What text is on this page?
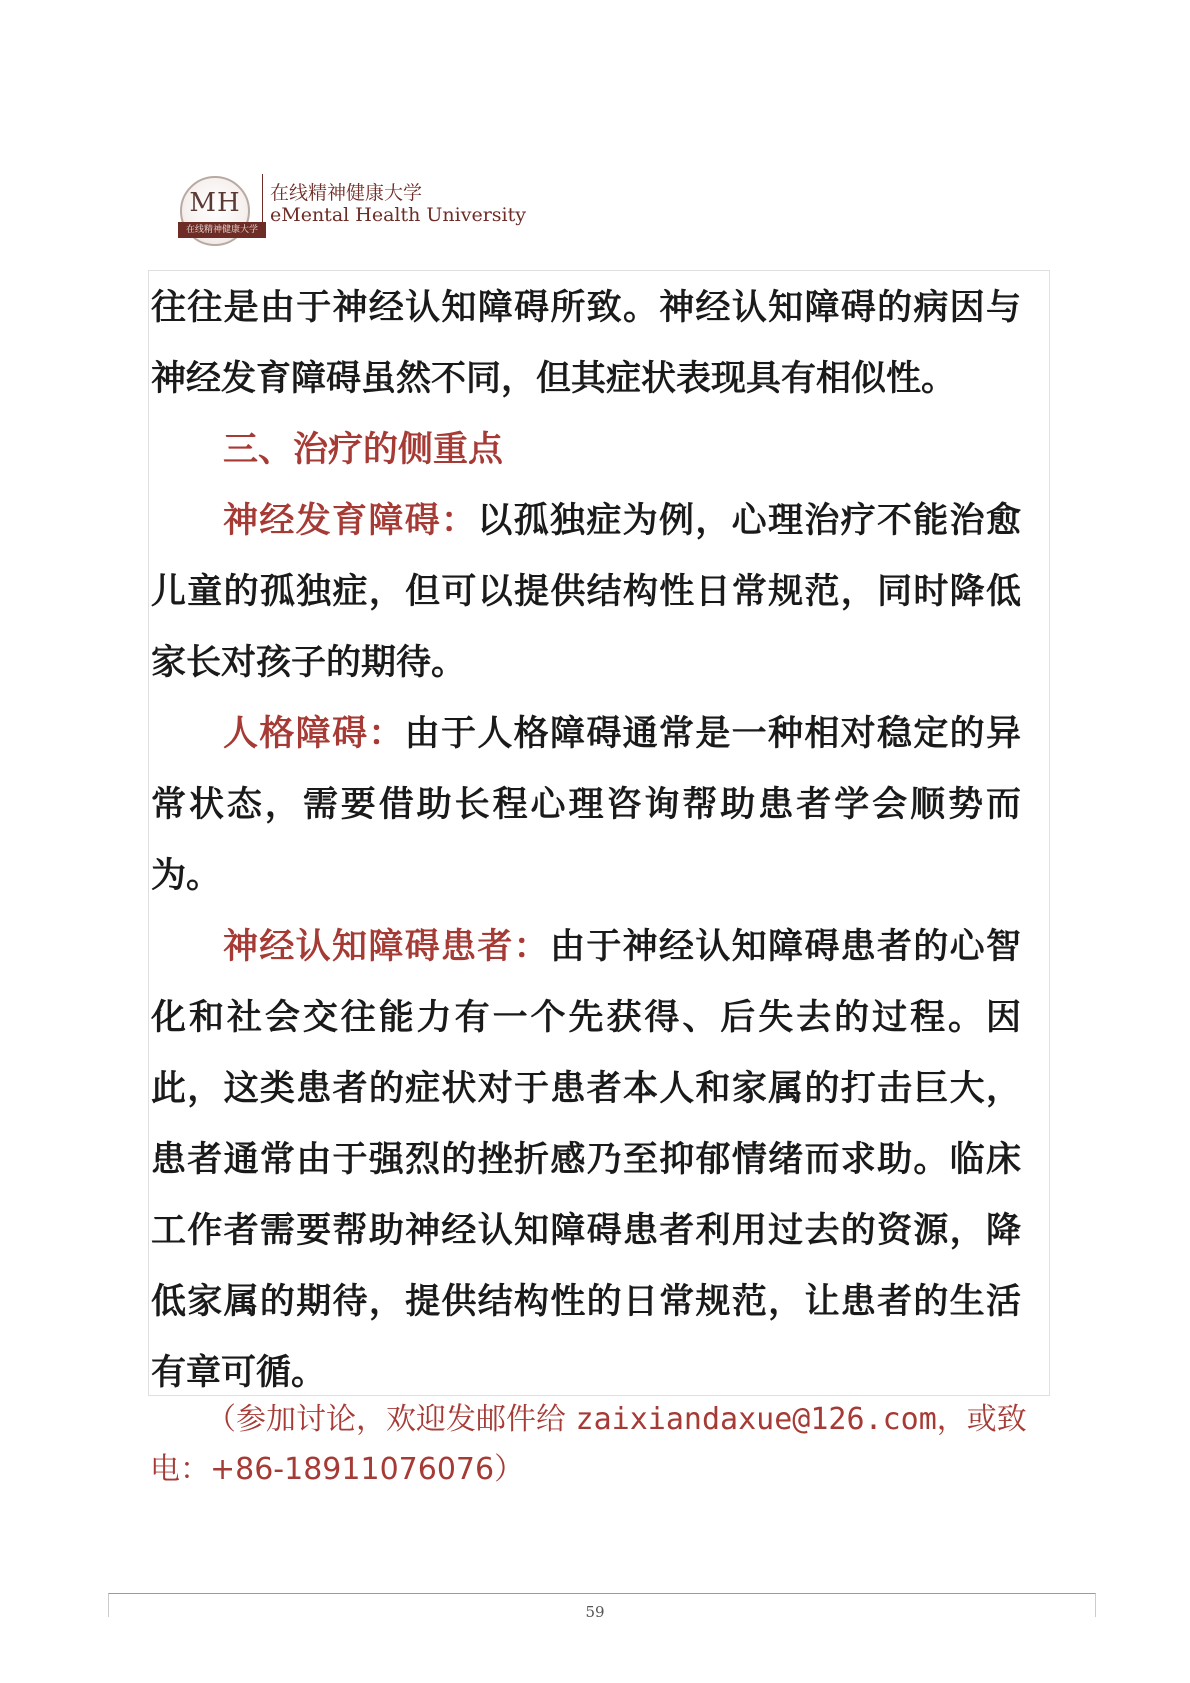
MH
在线精神健康大学
在线精神健康大学
eMental Health University

往往是由于神经认知障碍所致。神经认知障碍的病因与神经发育障碍虽然不同，但其症状表现具有相似性。

三、治疗的侧重点

神经发育障碍：以孤独症为例，心理治疗不能治愈儿童的孤独症，但可以提供结构性日常规范，同时降低家长对孩子的期待。

人格障碍：由于人格障碍通常是一种相对稳定的异常状态，需要借助长程心理咨询帮助患者学会顺势而为。

神经认知障碍患者：由于神经认知障碍患者的心智化和社会交往能力有一个先获得、后失去的过程。因此，这类患者的症状对于患者本人和家属的打击巨大，患者通常由于强烈的挫折感乃至抑郁情绪而求助。临床工作者需要帮助神经认知障碍患者利用过去的资源，降低家属的期待，提供结构性的日常规范，让患者的生活有章可循。

（参加讨论，欢迎发邮件给 zaixiandaxue@126.com，或致
电：+86-18911076076）
59
